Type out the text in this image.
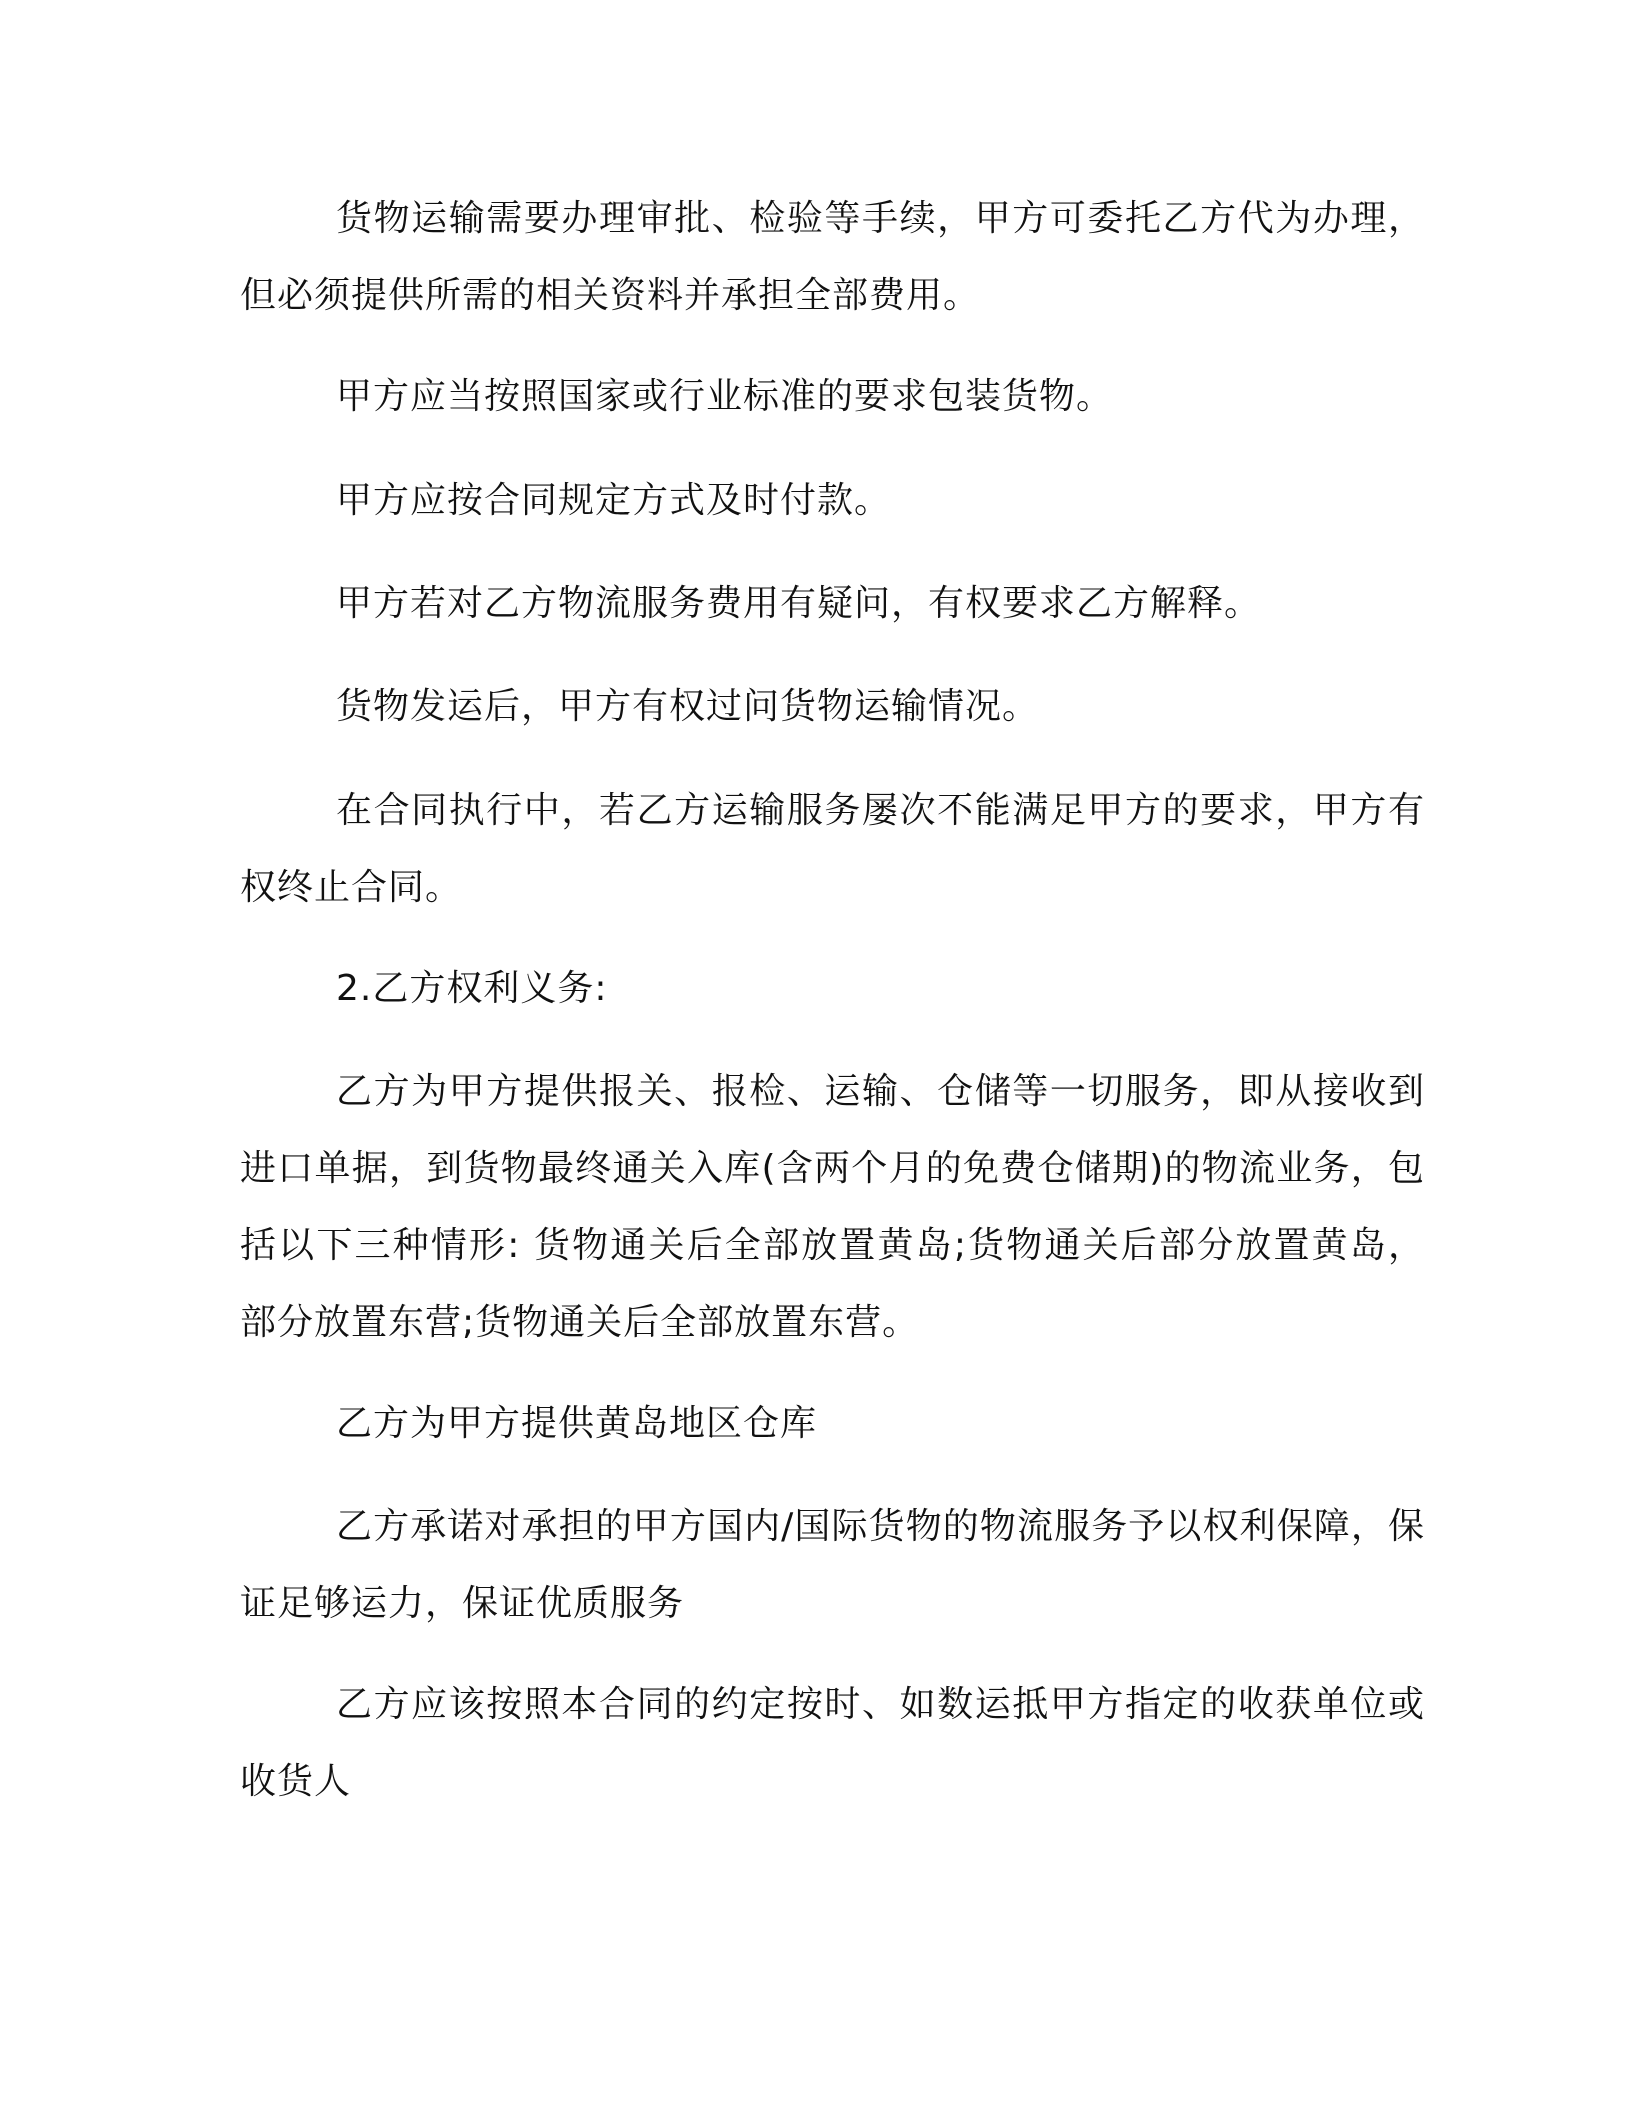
货物运输需要办理审批、检验等手续，甲方可委托乙方代为办理，但必须提供所需的相关资料并承担全部费用。

甲方应当按照国家或行业标准的要求包装货物。

甲方应按合同规定方式及时付款。

甲方若对乙方物流服务费用有疑问，有权要求乙方解释。

货物发运后，甲方有权过问货物运输情况。

在合同执行中，若乙方运输服务屡次不能满足甲方的要求，甲方有权终止合同。

2.乙方权利义务:

乙方为甲方提供报关、报检、运输、仓储等一切服务，即从接收到进口单据，到货物最终通关入库(含两个月的免费仓储期)的物流业务，包括以下三种情形: 货物通关后全部放置黄岛;货物通关后部分放置黄岛，部分放置东营;货物通关后全部放置东营。

乙方为甲方提供黄岛地区仓库

乙方承诺对承担的甲方国内/国际货物的物流服务予以权利保障，保证足够运力，保证优质服务

乙方应该按照本合同的约定按时、如数运抵甲方指定的收获单位或收货人
